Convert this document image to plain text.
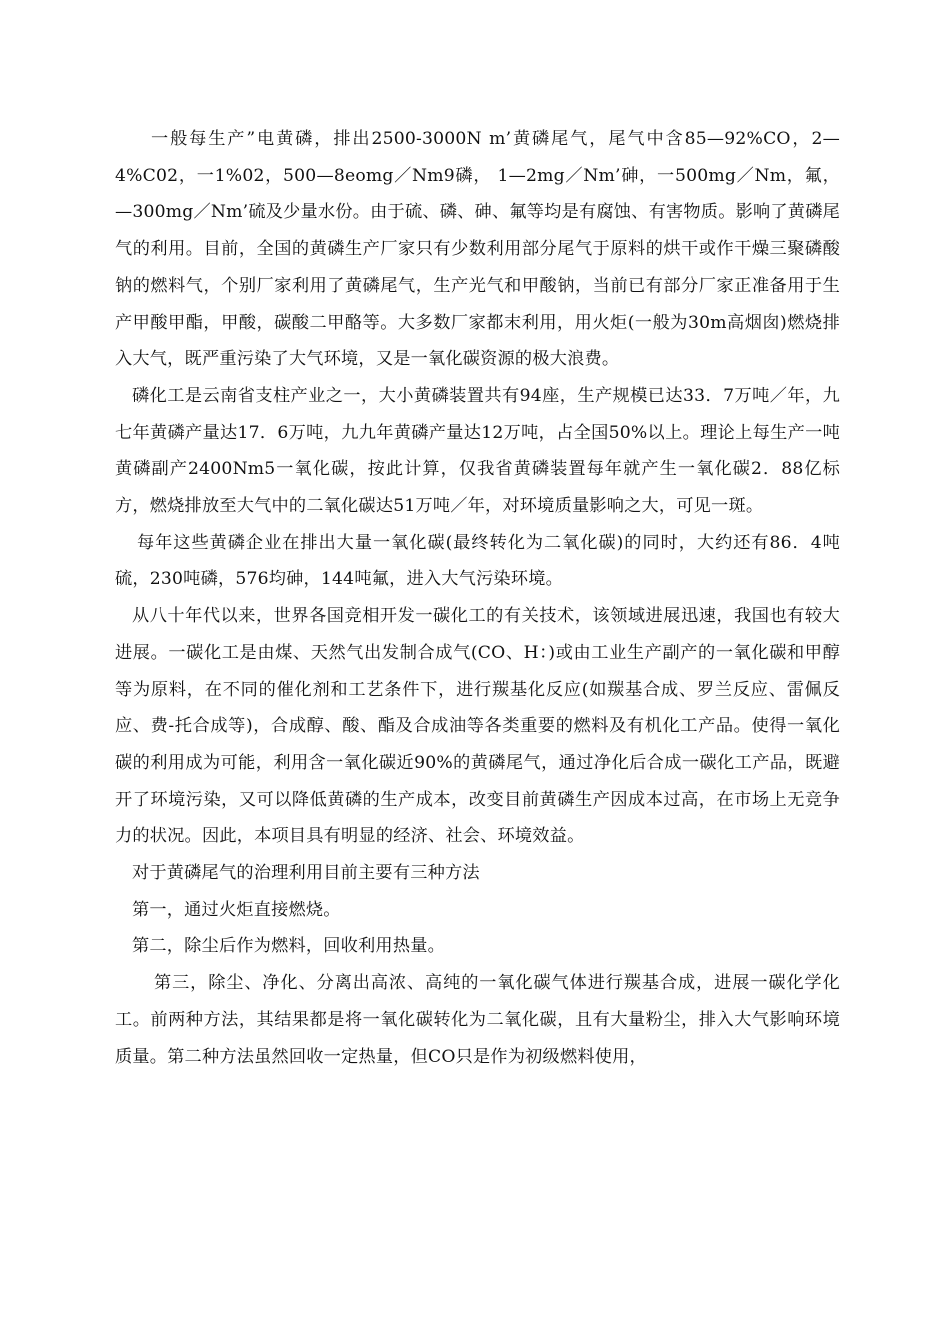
一般每生产”电黄磷，排出2500-3000N m’黄磷尾气，尾气中含85—92%CO，2—4%C02，一1%02，500—8eomg／Nm9磷， 1—2mg／Nm’砷，一500mg／Nm，氟，—300mg／Nm’硫及少量水份。由于硫、磷、砷、氟等均是有腐蚀、有害物质。影响了黄磷尾气的利用。目前，全国的黄磷生产厂家只有少数利用部分尾气于原料的烘干或作干燥三聚磷酸钠的燃料气，个别厂家利用了黄磷尾气，生产光气和甲酸钠，当前已有部分厂家正准备用于生产甲酸甲酯，甲酸，碳酸二甲酪等。大多数厂家都末利用，用火炬(一般为30m高烟囱)燃烧排入大气，既严重污染了大气环境，又是一氧化碳资源的极大浪费。

磷化工是云南省支柱产业之一，大小黄磷装置共有94座，生产规模已达33．7万吨／年，九七年黄磷产量达17．6万吨，九九年黄磷产量达12万吨，占全国50%以上。理论上每生产一吨黄磷副产2400Nm5一氧化碳，按此计算，仅我省黄磷装置每年就产生一氧化碳2．88亿标方，燃烧排放至大气中的二氧化碳达51万吨／年，对环境质量影响之大，可见一斑。

每年这些黄磷企业在排出大量一氧化碳(最终转化为二氧化碳)的同时，大约还有86．4吨硫，230吨磷，576均砷，144吨氟，进入大气污染环境。

从八十年代以来，世界各国竞相开发一碳化工的有关技术，该领域进展迅速，我国也有较大进展。一碳化工是由煤、天然气出发制合成气(CO、H：)或由工业生产副产的一氧化碳和甲醇等为原料，在不同的催化剂和工艺条件下，进行羰基化反应(如羰基合成、罗兰反应、雷佩反应、费-托合成等)，合成醇、酸、酯及合成油等各类重要的燃料及有机化工产品。使得一氧化碳的利用成为可能，利用含一氧化碳近90%的黄磷尾气，通过净化后合成一碳化工产品，既避开了环境污染，又可以降低黄磷的生产成本，改变目前黄磷生产因成本过高，在市场上无竞争力的状况。因此，本项目具有明显的经济、社会、环境效益。

对于黄磷尾气的治理利用目前主要有三种方法

第一，通过火炬直接燃烧。

第二，除尘后作为燃料，回收利用热量。

第三，除尘、净化、分离出高浓、高纯的一氧化碳气体进行羰基合成，进展一碳化学化工。前两种方法，其结果都是将一氧化碳转化为二氧化碳，且有大量粉尘，排入大气影响环境质量。第二种方法虽然回收一定热量，但CO只是作为初级燃料使用，
